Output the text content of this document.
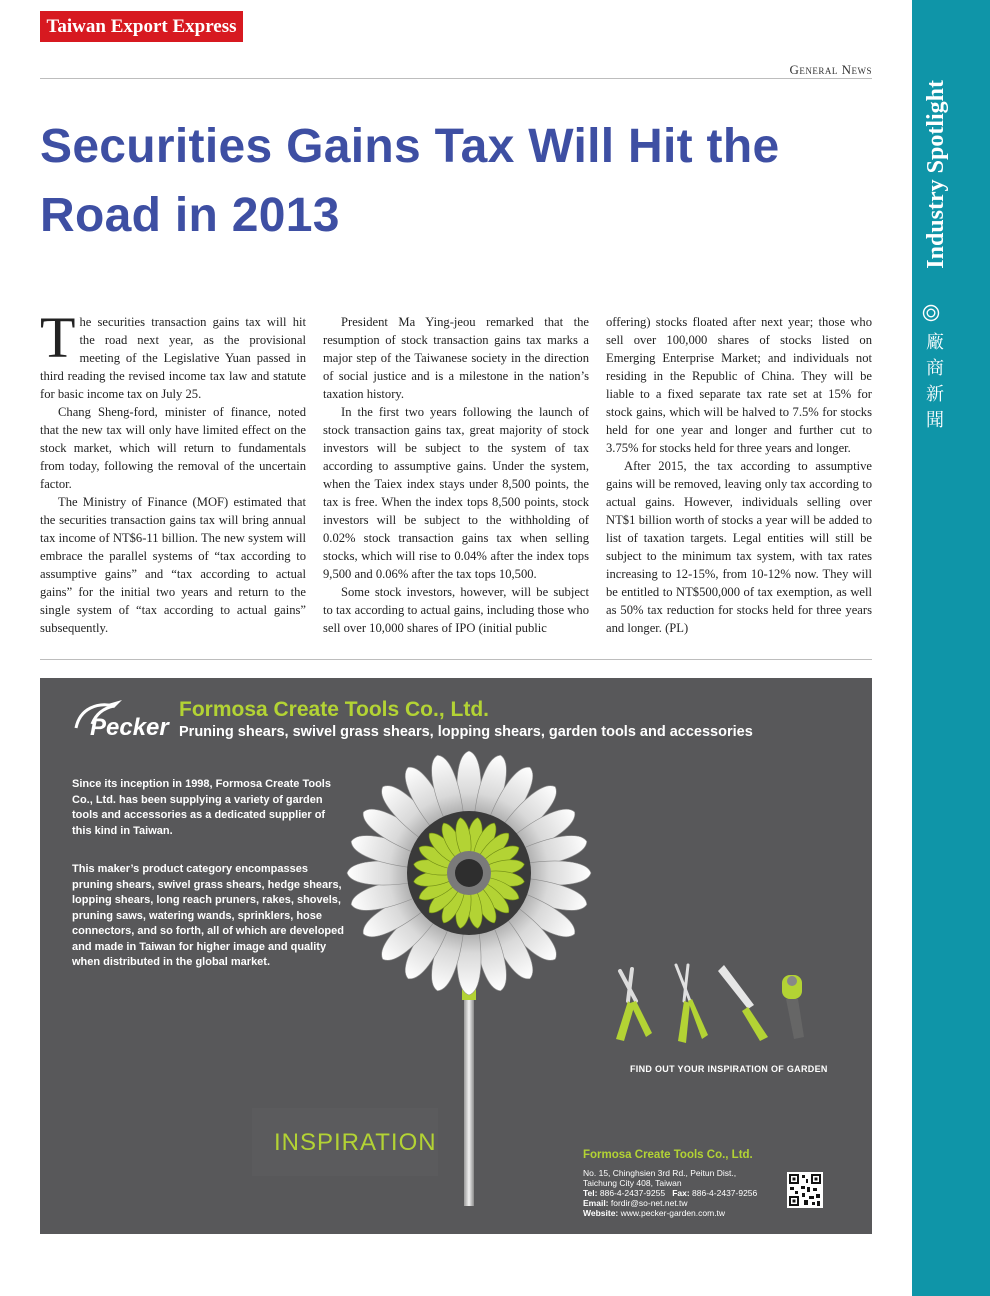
Taiwan Export Express
General News
Industry Spotlight
廠
商
新
聞
Securities Gains Tax Will Hit the Road in 2013
T he securities transaction gains tax will hit the road next year, as the provisional meeting of the Legislative Yuan passed in third reading the revised income tax law and statute for basic income tax on July 25.

Chang Sheng-ford, minister of finance, noted that the new tax will only have limited effect on the stock market, which will return to fundamentals from today, following the removal of the uncertain factor.

The Ministry of Finance (MOF) estimated that the securities transaction gains tax will bring annual tax income of NT$6-11 billion. The new system will embrace the parallel systems of “tax according to assumptive gains” and “tax according to actual gains” for the initial two years and return to the single system of “tax according to actual gains” subsequently.

President Ma Ying-jeou remarked that the resumption of stock transaction gains tax marks a major step of the Taiwanese society in the direction of social justice and is a milestone in the nation’s taxation history.

In the first two years following the launch of stock transaction gains tax, great majority of stock investors will be subject to the system of tax according to assumptive gains. Under the system, when the Taiex index stays under 8,500 points, the tax is free. When the index tops 8,500 points, stock investors will be subject to the withholding of 0.02% stock transaction gains tax when selling stocks, which will rise to 0.04% after the index tops 9,500 and 0.06% after the tax tops 10,500.

Some stock investors, however, will be subject to tax according to actual gains, including those who sell over 10,000 shares of IPO (initial public

offering) stocks floated after next year; those who sell over 100,000 shares of stocks listed on Emerging Enterprise Market; and individuals not residing in the Republic of China. They will be liable to a fixed separate tax rate set at 15% for stock gains, which will be halved to 7.5% for stocks held for one year and longer and further cut to 3.75% for stocks held for three years and longer.

After 2015, the tax according to assumptive gains will be removed, leaving only tax according to actual gains. However, individuals selling over NT$1 billion worth of stocks a year will be added to list of taxation targets. Legal entities will still be subject to the minimum tax system, with tax rates increasing to 12-15%, from 10-12% now. They will be entitled to NT$500,000 of tax exemption, as well as 50% tax reduction for stocks held for three years and longer. (PL)

Pecker
Formosa Create Tools Co., Ltd.
Pruning shears, swivel grass shears, lopping shears, garden tools and accessories

Since its inception in 1998, Formosa Create Tools Co., Ltd. has been supplying a variety of garden tools and accessories as a dedicated supplier of this kind in Taiwan.

This maker’s product category encompasses pruning shears, swivel grass shears, hedge shears, lopping shears, long reach pruners, rakes, shovels, pruning saws, watering wands, sprinklers, hose connectors, and so forth, all of which are developed and made in Taiwan for higher image and quality when distributed in the global market.

FIND OUT YOUR INSPIRATION OF GARDEN
INSPIRATION	Formosa Create Tools Co., Ltd.
No. 15, Chinghsien 3rd Rd., Peitun Dist.,
Taichung City 408, Taiwan
Tel: 886-4-2437-9255 Fax: 886-4-2437-9256
Email: fordir@so-net.net.tw
Website: www.pecker-garden.com.tw
